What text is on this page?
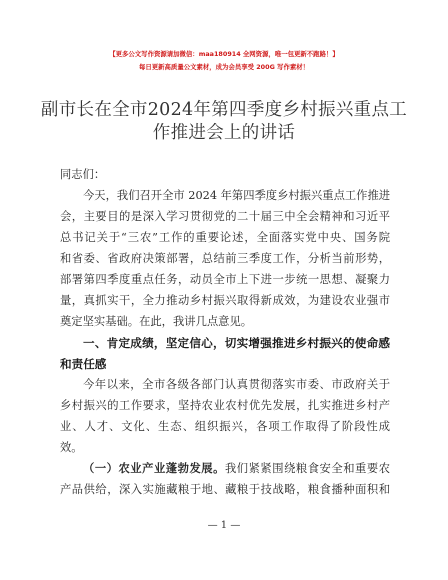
【更多公文写作资源请加微信：maa180914 全网资源，唯一包更新不跑路！】
每日更新高质量公文素材，成为会员享受 200G 写作素材！
副市长在全市2024年第四季度乡村振兴重点工
作推进会上的讲话
同志们：
今天，我们召开全市 2024 年第四季度乡村振兴重点工作推进
会，主要目的是深入学习贯彻党的二十届三中全会精神和习近平
总书记关于“三农”工作的重要论述，全面落实党中央、国务院
和省委、省政府决策部署，总结前三季度工作，分析当前形势，
部署第四季度重点任务，动员全市上下进一步统一思想、凝聚力
量，真抓实干，全力推动乡村振兴取得新成效，为建设农业强市
奠定坚实基础。在此，我讲几点意见。
一、肯定成绩，坚定信心，切实增强推进乡村振兴的使命感
和责任感
今年以来，全市各级各部门认真贯彻落实市委、市政府关于
乡村振兴的工作要求，坚持农业农村优先发展，扎实推进乡村产
业、人才、文化、生态、组织振兴，各项工作取得了阶段性成
效。
（一）农业产业蓬勃发展。我们紧紧围绕粮食安全和重要农
产品供给，深入实施藏粮于地、藏粮于技战略，粮食播种面积和
— 1 —
